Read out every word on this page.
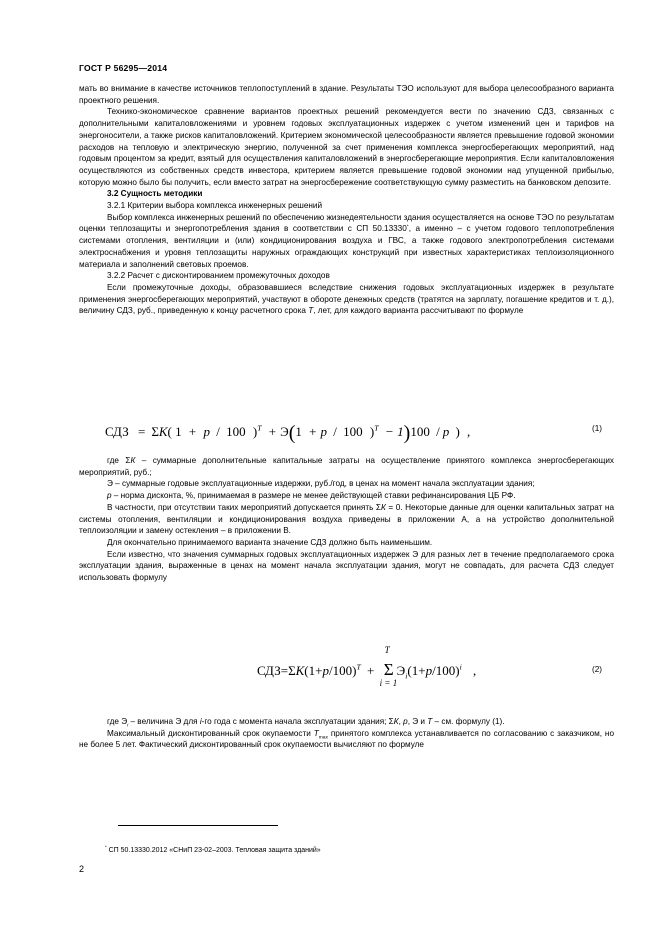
ГОСТ Р 56295—2014

мать во внимание в качестве источников теплопоступлений в здание. Результаты ТЭО используют для выбора целесообразного варианта проектного решения.

Технико-экономическое сравнение вариантов проектных решений рекомендуется вести по значению СДЗ, связанных с дополнительными капиталовложениями и уровнем годовых эксплуатационных издержек с учетом изменений цен и тарифов на энергоносители, а также рисков капиталовложений. Критерием экономической целесообразности является превышение годовой экономии расходов на тепловую и электрическую энергию, полученной за счет применения комплекса энергосберегающих мероприятий, над годовым процентом за кредит, взятый для осуществления капиталовложений в энергосберегающие мероприятия. Если капиталовложения осуществляются из собственных средств инвестора, критерием является превышение годовой экономии над упущенной прибылью, которую можно было бы получить, если вместо затрат на энергосбережение соответствующую сумму разместить на банковском депозите.

3.2 Сущность методики

3.2.1 Критерии выбора комплекса инженерных решений

Выбор комплекса инженерных решений по обеспечению жизнедеятельности здания осуществляется на основе ТЭО по результатам оценки теплозащиты и энергопотребления здания в соответствии с СП 50.13330*, а именно – с учетом годового теплопотребления системами отопления, вентиляции и (или) кондиционирования воздуха и ГВС, а также годового электропотребления системами электроснабжения и уровня теплозащиты наружных ограждающих конструкций при известных характеристиках теплоизоляционного материала и заполнений световых проемов.

3.2.2 Расчет с дисконтированием промежуточных доходов

Если промежуточные доходы, образовавшиеся вследствие снижения годовых эксплуатационных издержек в результате применения энергосберегающих мероприятий, участвуют в обороте денежных средств (тратятся на зарплату, погашение кредитов и т. д.), величину СДЗ, руб., приведенную к концу расчетного срока Т, лет, для каждого варианта рассчитывают по формуле

СДЗ = ΣК( 1 + р / 100 )$^T$ + Э(1 + р / 100 )$^T$ − 1)100 / р ) ,	(1)

где ΣК – суммарные дополнительные капитальные затраты на осуществление принятого комплекса энергосберегающих мероприятий, руб.;

Э – суммарные годовые эксплуатационные издержки, руб./год, в ценах на момент начала эксплуатации здания;

р – норма дисконта, %, принимаемая в размере не менее действующей ставки рефинансирования ЦБ РФ.

В частности, при отсутствии таких мероприятий допускается принять ΣК = 0. Некоторые данные для оценки капитальных затрат на системы отопления, вентиляции и кондиционирования воздуха приведены в приложении А, а на устройство дополнительной теплоизоляции и замену остекления – в приложении В.

Для окончательно принимаемого варианта значение СДЗ должно быть наименьшим.

Если известно, что значения суммарных годовых эксплуатационных издержек Э для разных лет в течение предполагаемого срока эксплуатации здания, выраженные в ценах на момент начала эксплуатации здания, могут не совпадать, для расчета СДЗ следует использовать формулу

$СДЗ=\Sigma К(1+р/100)^T$ +
T
Σ
i = 1
$Э_i(1+р/100)^i$ ,	(2)

где $Э_i$ – величина Э для i-го года с момента начала эксплуатации здания; ΣК, р, Э и Т – см. формулу (1).

Максимальный дисконтированный срок окупаемости $Т_{max}$ принятого комплекса устанавливается по согласованию с заказчиком, но не более 5 лет. Фактический дисконтированный срок окупаемости вычисляют по формуле

* СП 50.13330.2012 «СНиП 23-02–2003. Тепловая защита зданий»
2
